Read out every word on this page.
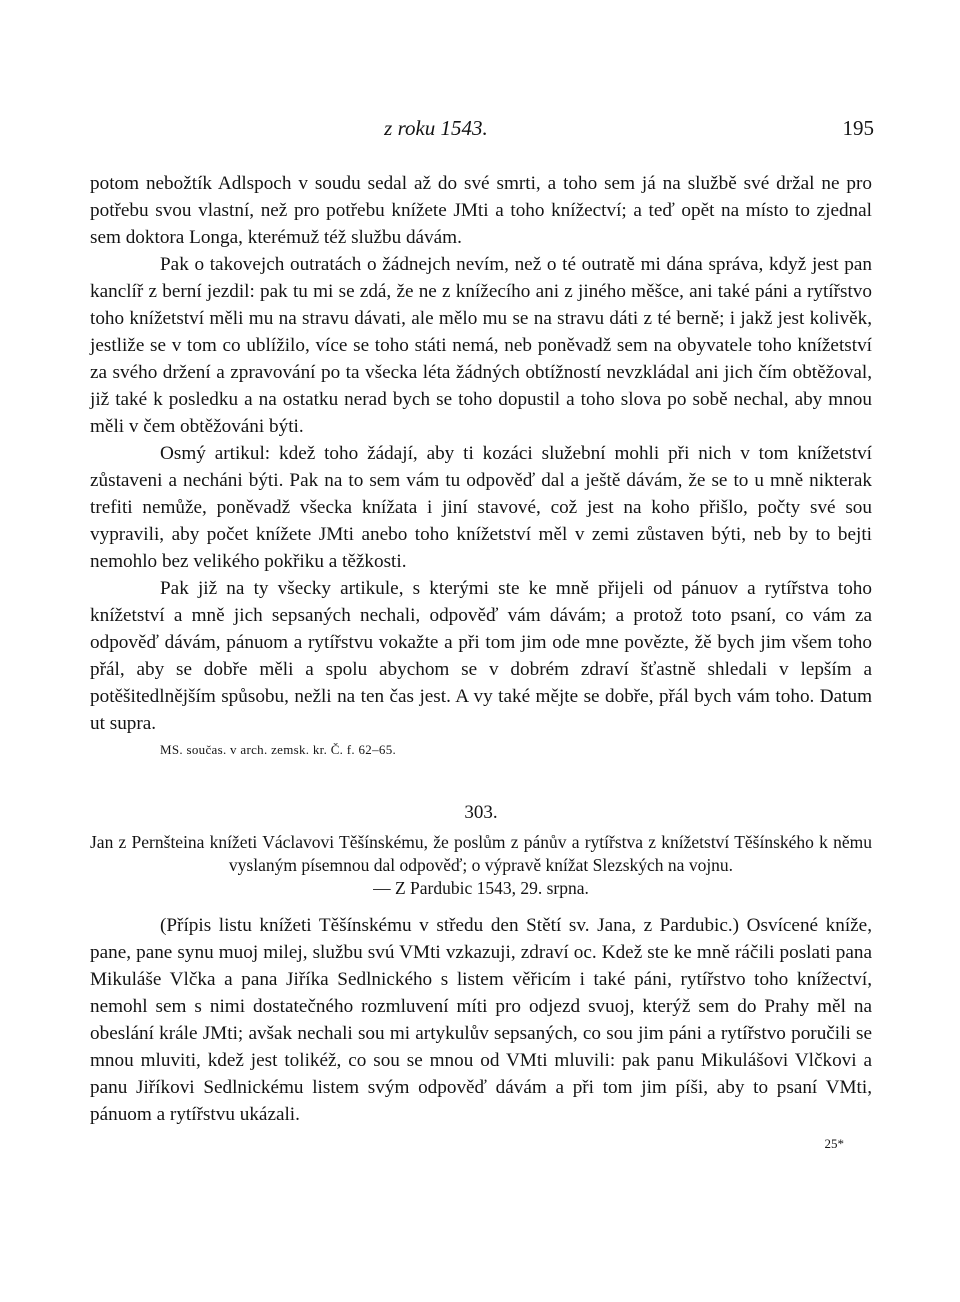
z roku 1543.	195

potom nebožtík Adlspoch v soudu sedal až do své smrti, a toho sem já na službě své držal ne pro potřebu svou vlastní, než pro potřebu knížete JMti a toho knížectví; a teď opět na místo to zjednal sem doktora Longa, kterémuž též službu dávám.

Pak o takovejch outratách o žádnejch nevím, než o té outratě mi dána správa, když jest pan kanclíř z berní jezdil: pak tu mi se zdá, že ne z knížecího ani z jiného měšce, ani také páni a rytířstvo toho knížetství měli mu na stravu dávati, ale mělo mu se na stravu dáti z té berně; i jakž jest kolivěk, jestliže se v tom co ublížilo, více se toho státi nemá, neb poněvadž sem na obyvatele toho knížetství za svého držení a zpravování po ta všecka léta žádných obtížností nevzkládal ani jich čím obtěžoval, již také k posledku a na ostatku nerad bych se toho dopustil a toho slova po sobě nechal, aby mnou měli v čem obtěžováni býti.

Osmý artikul: kdež toho žádají, aby ti kozáci služební mohli při nich v tom knížetství zůstaveni a necháni býti. Pak na to sem vám tu odpověď dal a ještě dávám, že se to u mně nikterak trefiti nemůže, poněvadž všecka knížata i jiní stavové, což jest na koho přišlo, počty své sou vypravili, aby počet knížete JMti anebo toho knížetství měl v zemi zůstaven býti, neb by to bejti nemohlo bez velikého pokřiku a těžkosti.

Pak již na ty všecky artikule, s kterými ste ke mně přijeli od pánuov a rytířstva toho knížetství a mně jich sepsaných nechali, odpověď vám dávám; a protož toto psaní, co vám za odpověď dávám, pánuom a rytířstvu vokažte a při tom jim ode mne povězte, žě bych jim všem toho přál, aby se dobře měli a spolu abychom se v dobrém zdraví šťastně shledali v lepším a potěšitedlnějším spůsobu, nežli na ten čas jest. A vy také mějte se dobře, přál bych vám toho. Datum ut supra.

MS. součas. v arch. zemsk. kr. Č. f. 62–65.
303.
Jan z Pernšteina knížeti Václavovi Těšínskému, že poslům z pánův a rytířstva z knížetství Těšínského k němu vyslaným písemnou dal odpověď; o výpravě knížat Slezských na vojnu.
— Z Pardubic 1543, 29. srpna.

(Přípis listu knížeti Těšínskému v středu den Stětí sv. Jana, z Pardubic.) Osvícené kníže, pane, pane synu muoj milej, službu svú VMti vzkazuji, zdraví oc. Kdež ste ke mně ráčili poslati pana Mikuláše Vlčka a pana Jiříka Sedlnického s listem věřicím i také páni, rytířstvo toho knížectví, nemohl sem s nimi dostatečného rozmluvení míti pro odjezd svuoj, kterýž sem do Prahy měl na obeslání krále JMti; avšak nechali sou mi artykulův sepsaných, co sou jim páni a rytířstvo poručili se mnou mluviti, kdež jest tolikéž, co sou se mnou od VMti mluvili: pak panu Mikulášovi Vlčkovi a panu Jiříkovi Sedlnickému listem svým odpověď dávám a při tom jim píši, aby to psaní VMti, pánuom a rytířstvu ukázali.

25*
